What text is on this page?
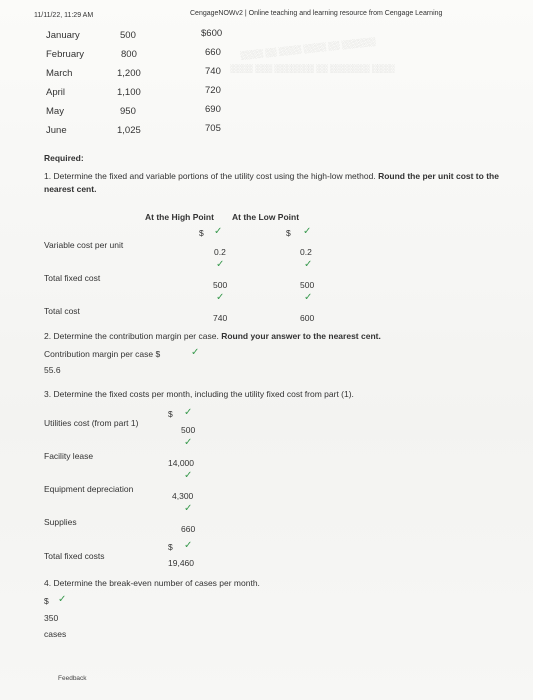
11/11/22, 11:29 AM	CengageNOWv2 | Online teaching and learning resource from Cengage Learning
░░░░ ░░ ░░░░ ░░░░ ░░ ░░░░░░
░░░░ ░░░ ░░░░░░░ ░░ ░░░░░░░ ░░░░
January	500	$600
February	800	660
March	1,200	740
April	1,100	720
May	950	690
June	1,025	705
Required:
1. Determine the fixed and variable portions of the utility cost using the high-low method. Round the per unit cost to the nearest cent.
At the High Point At the Low Point
$ ✓	$ ✓
Variable cost per unit
0.2	0.2
✓	✓
Total fixed cost
500	500
✓	✓
Total cost
740	600
2. Determine the contribution margin per case. Round your answer to the nearest cent.
Contribution margin per case $	✓
55.6
3. Determine the fixed costs per month, including the utility fixed cost from part (1).
$ ✓
Utilities cost (from part 1)
500
✓
Facility lease
14,000
✓
Equipment depreciation
4,300
✓
Supplies
660
$ ✓
Total fixed costs
19,460
4. Determine the break-even number of cases per month.
$ ✓
350
cases
Feedback
